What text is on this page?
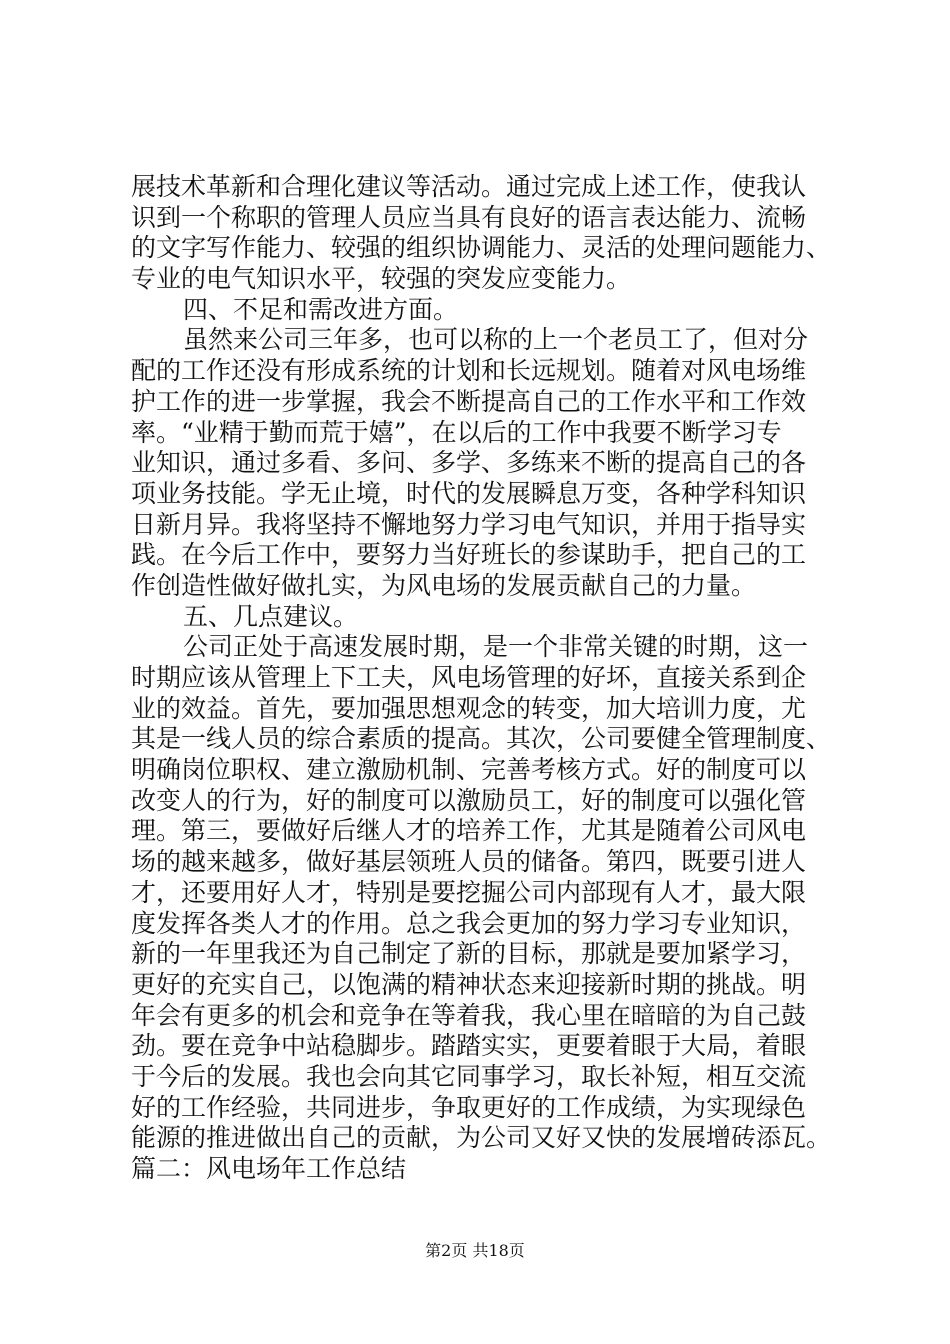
展技术革新和合理化建议等活动。通过完成上述工作，使我认
识到一个称职的管理人员应当具有良好的语言表达能力、流畅
的文字写作能力、较强的组织协调能力、灵活的处理问题能力、
专业的电气知识水平，较强的突发应变能力。
四、不足和需改进方面。
虽然来公司三年多，也可以称的上一个老员工了，但对分
配的工作还没有形成系统的计划和长远规划。随着对风电场维
护工作的进一步掌握，我会不断提高自己的工作水平和工作效
率。“业精于勤而荒于嬉”，在以后的工作中我要不断学习专
业知识，通过多看、多问、多学、多练来不断的提高自己的各
项业务技能。学无止境，时代的发展瞬息万变，各种学科知识
日新月异。我将坚持不懈地努力学习电气知识，并用于指导实
践。在今后工作中，要努力当好班长的参谋助手，把自己的工
作创造性做好做扎实，为风电场的发展贡献自己的力量。
五、几点建议。
公司正处于高速发展时期，是一个非常关键的时期，这一
时期应该从管理上下工夫，风电场管理的好坏，直接关系到企
业的效益。首先，要加强思想观念的转变，加大培训力度，尤
其是一线人员的综合素质的提高。其次，公司要健全管理制度、
明确岗位职权、建立激励机制、完善考核方式。好的制度可以
改变人的行为，好的制度可以激励员工，好的制度可以强化管
理。第三，要做好后继人才的培养工作，尤其是随着公司风电
场的越来越多，做好基层领班人员的储备。第四，既要引进人
才，还要用好人才，特别是要挖掘公司内部现有人才，最大限
度发挥各类人才的作用。总之我会更加的努力学习专业知识，
新的一年里我还为自己制定了新的目标，那就是要加紧学习，
更好的充实自己，以饱满的精神状态来迎接新时期的挑战。明
年会有更多的机会和竞争在等着我，我心里在暗暗的为自己鼓
劲。要在竞争中站稳脚步。踏踏实实，更要着眼于大局，着眼
于今后的发展。我也会向其它同事学习，取长补短，相互交流
好的工作经验，共同进步，争取更好的工作成绩，为实现绿色
能源的推进做出自己的贡献，为公司又好又快的发展增砖添瓦。
篇二：风电场年工作总结
第2页 共18页
